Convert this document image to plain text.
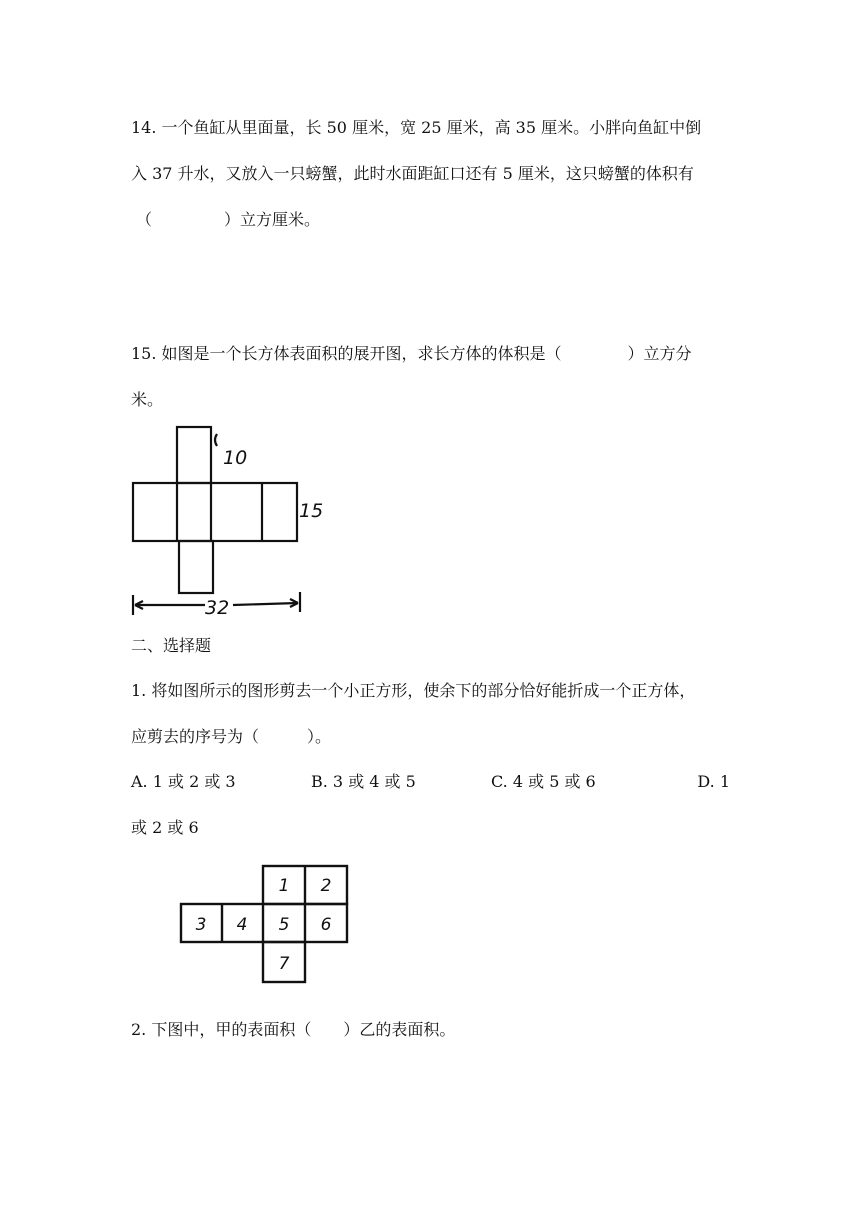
14. 一个鱼缸从里面量，长 50 厘米，宽 25 厘米，高 35 厘米。小胖向鱼缸中倒

入 37 升水，又放入一只螃蟹，此时水面距缸口还有 5 厘米，这只螃蟹的体积有

（	）立方厘米。

15. 如图是一个长方体表面积的展开图，求长方体的体积是（	）立方分

米。

10
15
32

二、选择题

1. 将如图所示的图形剪去一个小正方形，使余下的部分恰好能折成一个正方体，

应剪去的序号为（　　　）。

A. 1 或 2 或 3	B. 3 或 4 或 5	C. 4 或 5 或 6	D. 1

或 2 或 6

1 2
3 4 5 6
7

2. 下图中，甲的表面积（　　）乙的表面积。
